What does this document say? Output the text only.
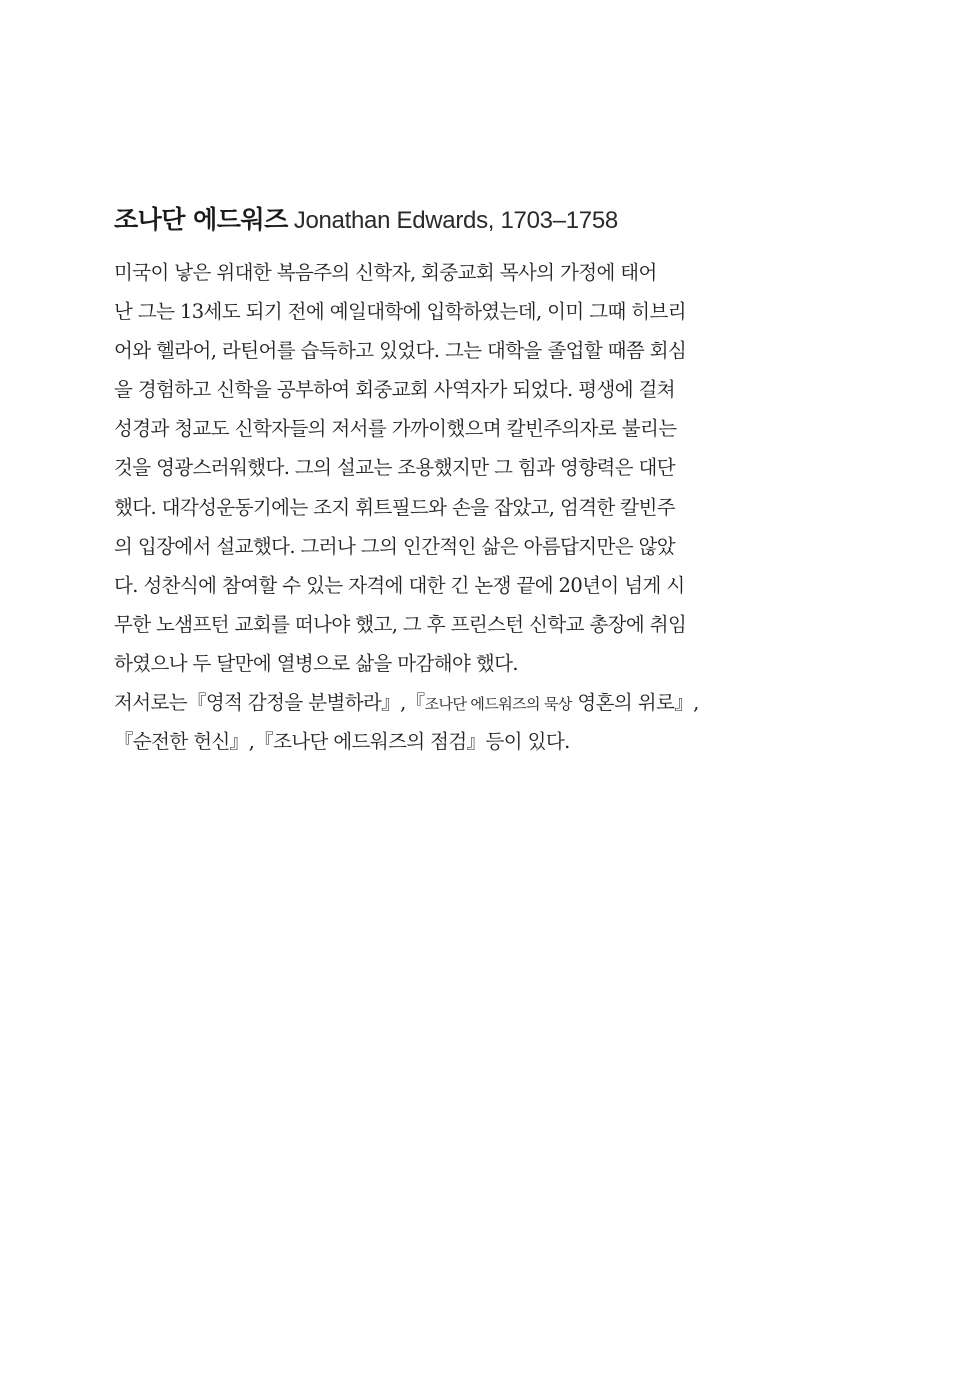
조나단 에드워즈 Jonathan Edwards, 1703–1758
미국이 낳은 위대한 복음주의 신학자, 회중교회 목사의 가정에 태어
난 그는 13세도 되기 전에 예일대학에 입학하였는데, 이미 그때 히브리
어와 헬라어, 라틴어를 습득하고 있었다. 그는 대학을 졸업할 때쯤 회심
을 경험하고 신학을 공부하여 회중교회 사역자가 되었다. 평생에 걸쳐
성경과 청교도 신학자들의 저서를 가까이했으며 칼빈주의자로 불리는
것을 영광스러워했다. 그의 설교는 조용했지만 그 힘과 영향력은 대단
했다. 대각성운동기에는 조지 휘트필드와 손을 잡았고, 엄격한 칼빈주
의 입장에서 설교했다. 그러나 그의 인간적인 삶은 아름답지만은 않았
다. 성찬식에 참여할 수 있는 자격에 대한 긴 논쟁 끝에 20년이 넘게 시
무한 노샘프턴 교회를 떠나야 했고, 그 후 프린스턴 신학교 총장에 취임
하였으나 두 달만에 열병으로 삶을 마감해야 했다.
저서로는『영적 감정을 분별하라』,『조나단 에드워즈의 묵상 영혼의 위로』,
『순전한 헌신』,『조나단 에드워즈의 점검』등이 있다.
